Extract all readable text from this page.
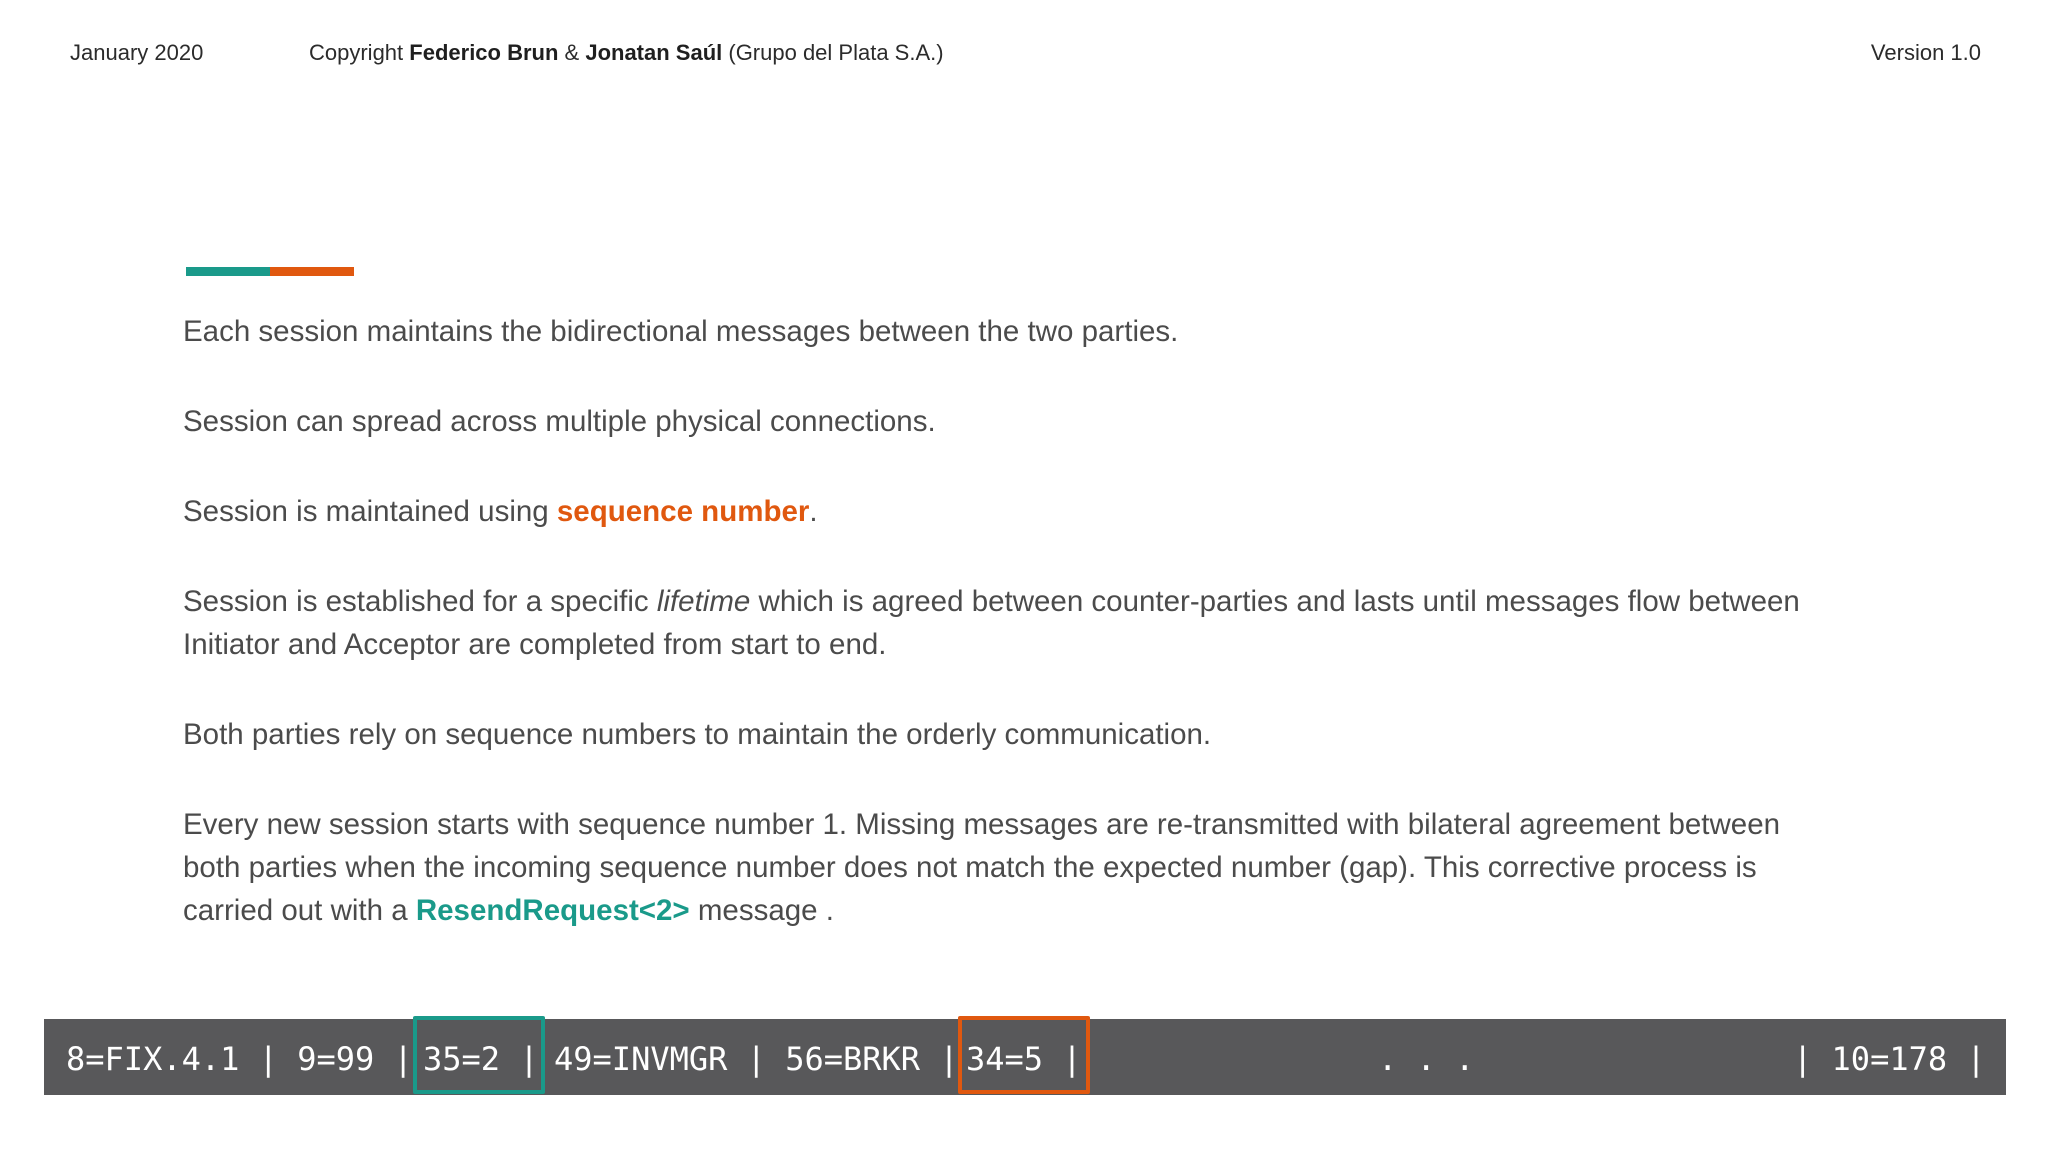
January 2020	Copyright Federico Brun & Jonatan Saúl (Grupo del Plata S.A.)	Version 1.0

Each session maintains the bidirectional messages between the two parties.

Session can spread across multiple physical connections.

Session is maintained using sequence number.

Session is established for a specific lifetime which is agreed between counter-parties and lasts until messages flow between Initiator and Acceptor are completed from start to end.

Both parties rely on sequence numbers to maintain the orderly communication.

Every new session starts with sequence number 1. Missing messages are re-transmitted with bilateral agreement between both parties when the incoming sequence number does not match the expected number (gap). This corrective process is carried out with a ResendRequest<2> message .

8=FIX.4.1 | 9=99 | 35=2 | 49=INVMGR | 56=BRKR | 34=5 |	. . .	| 10=178 |
